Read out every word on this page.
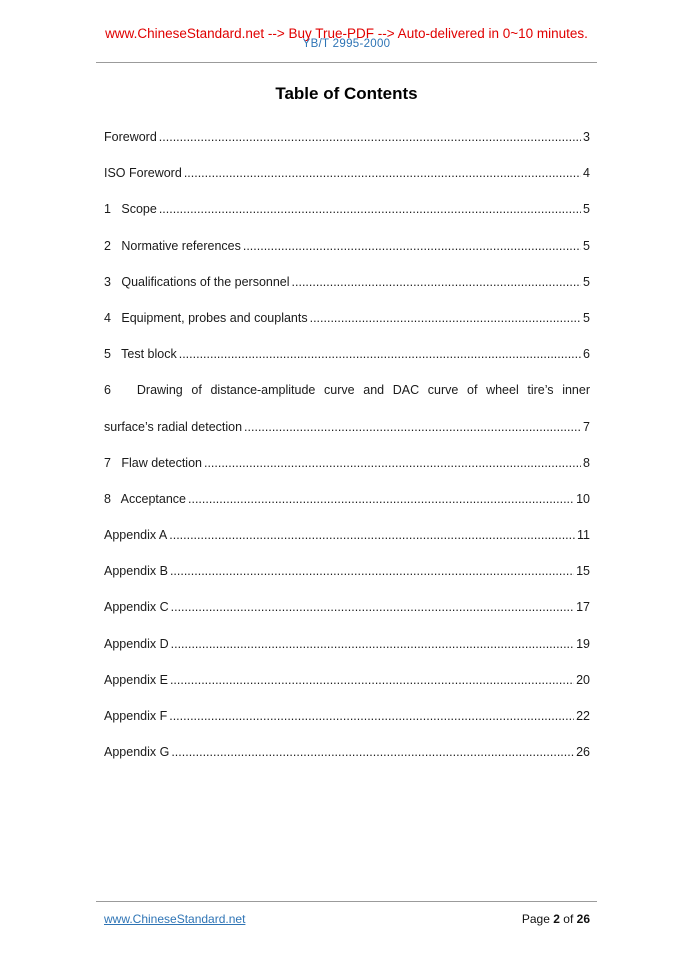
www.ChineseStandard.net --> Buy True-PDF --> Auto-delivered in 0~10 minutes.
YB/T 2995-2000
Table of Contents
Foreword .....	3
ISO Foreword .....	4
1   Scope .....	5
2   Normative references .....	5
3   Qualifications of the personnel .....	5
4   Equipment, probes and couplants .....	5
5   Test block .....	6
6   Drawing of distance-amplitude curve and DAC curve of wheel tire’s inner
surface’s radial detection .....	7
7   Flaw detection .....	8
8   Acceptance .....	10
Appendix A .....	11
Appendix B .....	15
Appendix C .....	17
Appendix D .....	19
Appendix E .....	20
Appendix F .....	22
Appendix G .....	26
www.ChineseStandard.net	Page 2 of 26
